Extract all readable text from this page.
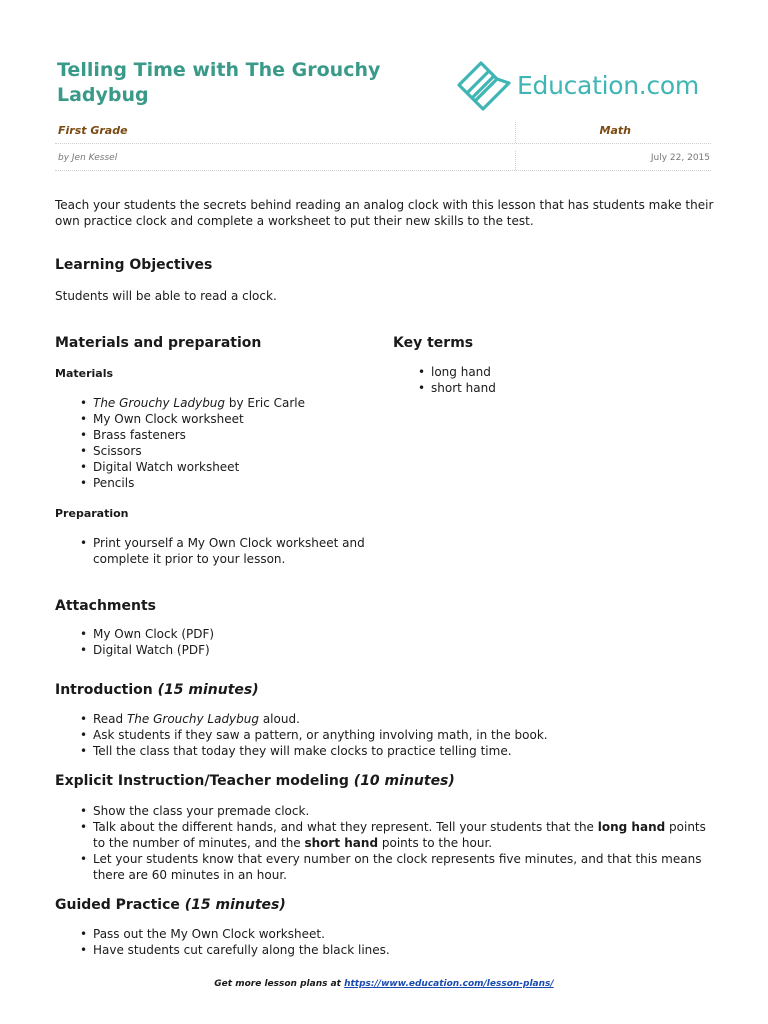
Telling Time with The Grouchy Ladybug	Education.com
First Grade	Math
by Jen Kessel	July 22, 2015
Teach your students the secrets behind reading an analog clock with this lesson that has students make their own practice clock and complete a worksheet to put their new skills to the test.
Learning Objectives
Students will be able to read a clock.
Materials and preparation
Materials
• The Grouchy Ladybug by Eric Carle
• My Own Clock worksheet
• Brass fasteners
• Scissors
• Digital Watch worksheet
• Pencils
Preparation
• Print yourself a My Own Clock worksheet and complete it prior to your lesson.
Key terms
• long hand
• short hand
Attachments
• My Own Clock (PDF)
• Digital Watch (PDF)
Introduction (15 minutes)
• Read The Grouchy Ladybug aloud.
• Ask students if they saw a pattern, or anything involving math, in the book.
• Tell the class that today they will make clocks to practice telling time.
Explicit Instruction/Teacher modeling (10 minutes)
• Show the class your premade clock.
• Talk about the different hands, and what they represent. Tell your students that the long hand points to the number of minutes, and the short hand points to the hour.
• Let your students know that every number on the clock represents five minutes, and that this means there are 60 minutes in an hour.
Guided Practice (15 minutes)
• Pass out the My Own Clock worksheet.
• Have students cut carefully along the black lines.
Get more lesson plans at https://www.education.com/lesson-plans/
